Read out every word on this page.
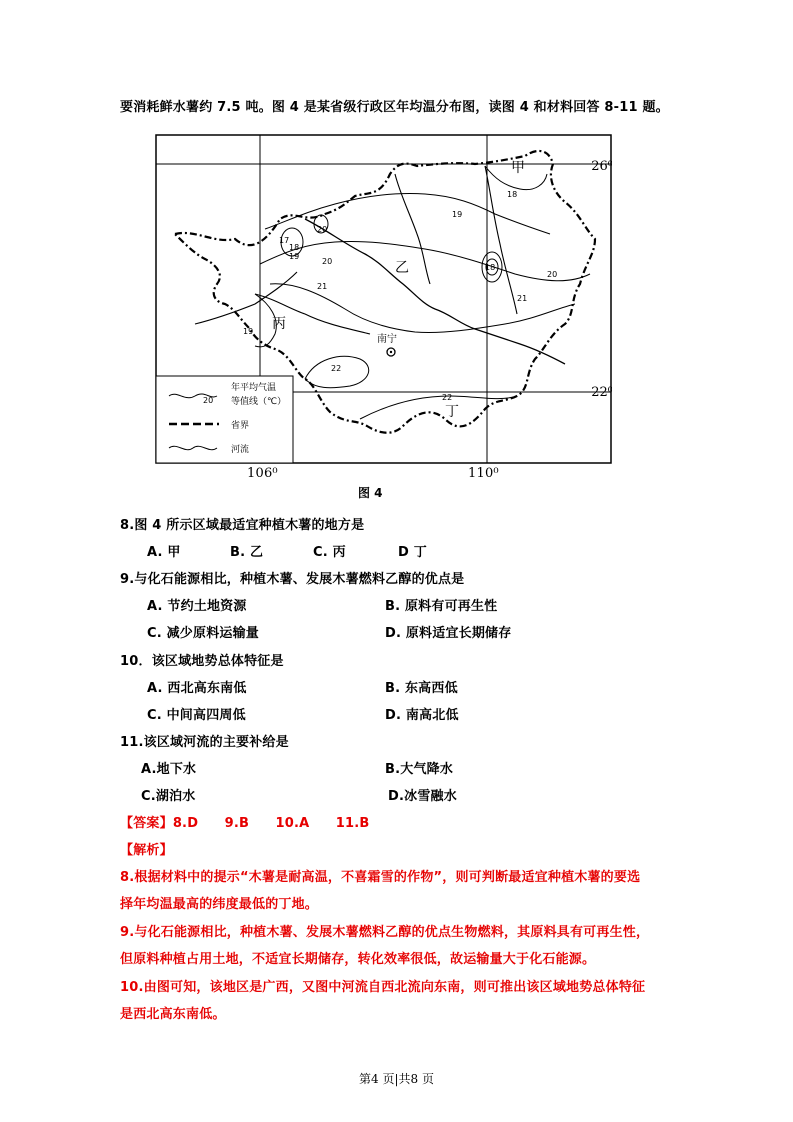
要消耗鲜水薯约 7.5 吨。图 4 是某省级行政区年均温分布图，读图 4 和材料回答 8-11 题。
18
19
20
21
22
17
18
19
20
21
22
19
18
20
甲
乙
丙
丁
南宁
26⁰
22⁰
20
年平均气温
等值线（℃）
省界
河流
106⁰	110⁰
图 4
8.图 4 所示区域最适宜种植木薯的地方是
A. 甲	B. 乙	C. 丙	D 丁
9.与化石能源相比，种植木薯、发展木薯燃料乙醇的优点是
A. 节约土地资源	B. 原料有可再生性
C. 减少原料运输量	D. 原料适宜长期储存
10．该区域地势总体特征是
A. 西北高东南低	B. 东高西低
C. 中间高四周低	D. 南高北低
11.该区域河流的主要补给是
A.地下水	B.大气降水
C.湖泊水	D.冰雪融水
【答案】8.D　　9.B　　10.A　　11.B
【解析】
8.根据材料中的提示“木薯是耐高温，不喜霜雪的作物”，则可判断最适宜种植木薯的要选
择年均温最高的纬度最低的丁地。
9.与化石能源相比，种植木薯、发展木薯燃料乙醇的优点生物燃料，其原料具有可再生性，
但原料种植占用土地，不适宜长期储存，转化效率很低，故运输量大于化石能源。
10.由图可知，该地区是广西，又图中河流自西北流向东南，则可推出该区域地势总体特征
是西北高东南低。
第4 页|共8 页
